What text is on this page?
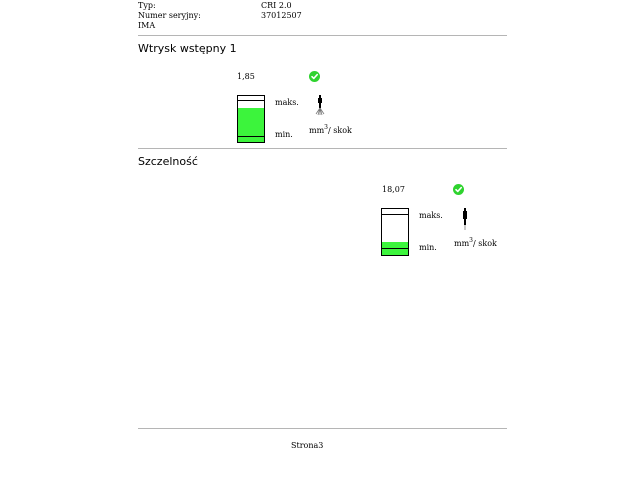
Typ:	CRI 2.0
Numer seryjny:	37012507
IMA
Wtrysk wstępny 1
1,85
maks.
min. $mm^3/$ skok
Szczelność
18,07
maks.
min. $mm^3/$ skok
Strona3
